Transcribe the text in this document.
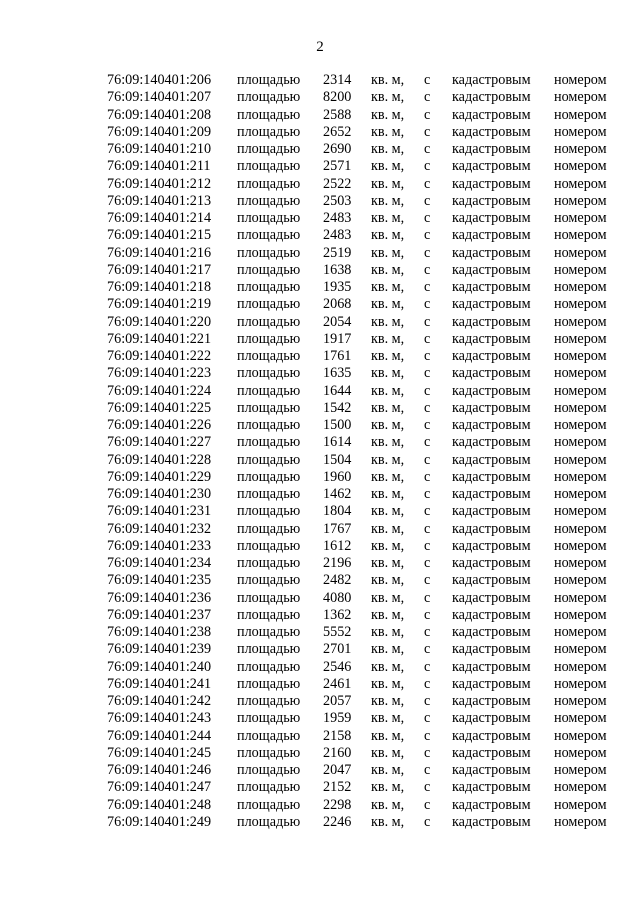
2
76:09:140401:206 площадью 2314 кв. м, с кадастровым номером
76:09:140401:207 площадью 8200 кв. м, с кадастровым номером
76:09:140401:208 площадью 2588 кв. м, с кадастровым номером
76:09:140401:209 площадью 2652 кв. м, с кадастровым номером
76:09:140401:210 площадью 2690 кв. м, с кадастровым номером
76:09:140401:211 площадью 2571 кв. м, с кадастровым номером
76:09:140401:212 площадью 2522 кв. м, с кадастровым номером
76:09:140401:213 площадью 2503 кв. м, с кадастровым номером
76:09:140401:214 площадью 2483 кв. м, с кадастровым номером
76:09:140401:215 площадью 2483 кв. м, с кадастровым номером
76:09:140401:216 площадью 2519 кв. м, с кадастровым номером
76:09:140401:217 площадью 1638 кв. м, с кадастровым номером
76:09:140401:218 площадью 1935 кв. м, с кадастровым номером
76:09:140401:219 площадью 2068 кв. м, с кадастровым номером
76:09:140401:220 площадью 2054 кв. м, с кадастровым номером
76:09:140401:221 площадью 1917 кв. м, с кадастровым номером
76:09:140401:222 площадью 1761 кв. м, с кадастровым номером
76:09:140401:223 площадью 1635 кв. м, с кадастровым номером
76:09:140401:224 площадью 1644 кв. м, с кадастровым номером
76:09:140401:225 площадью 1542 кв. м, с кадастровым номером
76:09:140401:226 площадью 1500 кв. м, с кадастровым номером
76:09:140401:227 площадью 1614 кв. м, с кадастровым номером
76:09:140401:228 площадью 1504 кв. м, с кадастровым номером
76:09:140401:229 площадью 1960 кв. м, с кадастровым номером
76:09:140401:230 площадью 1462 кв. м, с кадастровым номером
76:09:140401:231 площадью 1804 кв. м, с кадастровым номером
76:09:140401:232 площадью 1767 кв. м, с кадастровым номером
76:09:140401:233 площадью 1612 кв. м, с кадастровым номером
76:09:140401:234 площадью 2196 кв. м, с кадастровым номером
76:09:140401:235 площадью 2482 кв. м, с кадастровым номером
76:09:140401:236 площадью 4080 кв. м, с кадастровым номером
76:09:140401:237 площадью 1362 кв. м, с кадастровым номером
76:09:140401:238 площадью 5552 кв. м, с кадастровым номером
76:09:140401:239 площадью 2701 кв. м, с кадастровым номером
76:09:140401:240 площадью 2546 кв. м, с кадастровым номером
76:09:140401:241 площадью 2461 кв. м, с кадастровым номером
76:09:140401:242 площадью 2057 кв. м, с кадастровым номером
76:09:140401:243 площадью 1959 кв. м, с кадастровым номером
76:09:140401:244 площадью 2158 кв. м, с кадастровым номером
76:09:140401:245 площадью 2160 кв. м, с кадастровым номером
76:09:140401:246 площадью 2047 кв. м, с кадастровым номером
76:09:140401:247 площадью 2152 кв. м, с кадастровым номером
76:09:140401:248 площадью 2298 кв. м, с кадастровым номером
76:09:140401:249 площадью 2246 кв. м, с кадастровым номером
